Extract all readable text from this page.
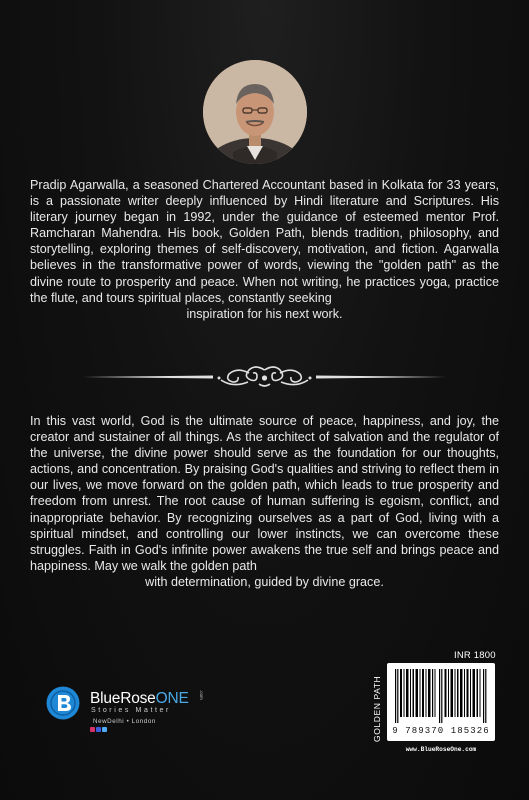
Pradip Agarwalla, a seasoned Chartered Accountant based in Kolkata for 33 years, is a passionate writer deeply influenced by Hindi literature and Scriptures. His literary journey began in 1992, under the guidance of esteemed mentor Prof. Ramcharan Mahendra. His book, Golden Path, blends tradition, philosophy, and storytelling, exploring themes of self-discovery, motivation, and fiction. Agarwalla believes in the transformative power of words, viewing the "golden path" as the divine route to prosperity and peace. When not writing, he practices yoga, practice the flute, and tours spiritual places, constantly seeking
inspiration for his next work.

In this vast world, God is the ultimate source of peace, happiness, and joy, the creator and sustainer of all things. As the architect of salvation and the regulator of the universe, the divine power should serve as the foundation for our thoughts, actions, and concentration. By praising God's qualities and striving to reflect them in our lives, we move forward on the golden path, which leads to true prosperity and freedom from unrest. The root cause of human suffering is egoism, conflict, and inappropriate behavior. By recognizing ourselves as a part of God, living with a spiritual mindset, and controlling our lower instincts, we can overcome these struggles. Faith in God's infinite power awakens the true self and brings peace and happiness. May we walk the golden path
with determination, guided by divine grace.

BlueRoseONE .com
Stories Matter
NewDelhi • London
INR 1800
GOLDEN PATH 9 789370 185326
www.BlueRoseOne.com
